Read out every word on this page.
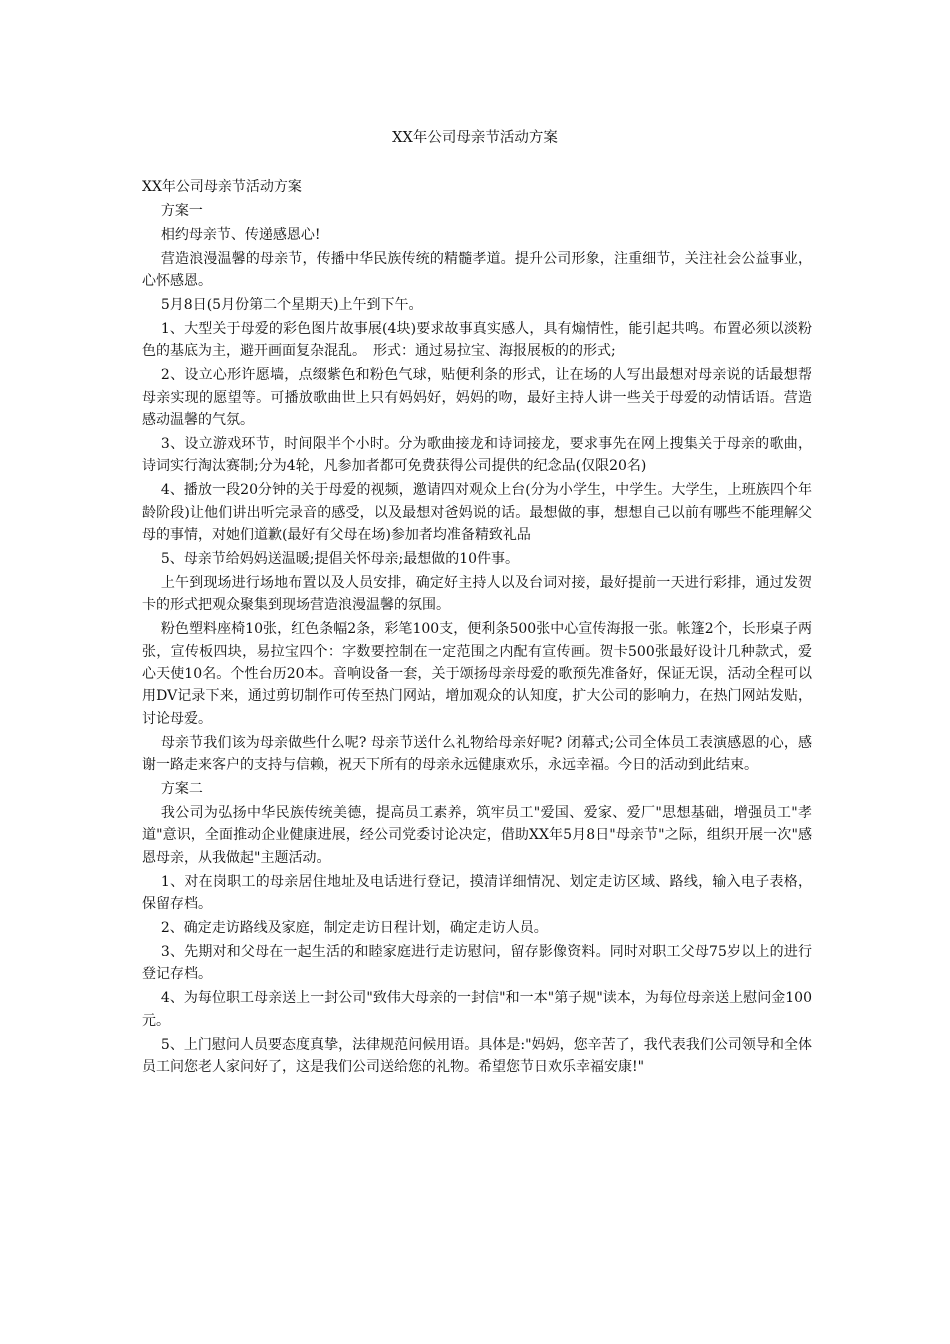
XX年公司母亲节活动方案

XX年公司母亲节活动方案

方案一

相约母亲节、传递感恩心!

营造浪漫温馨的母亲节，传播中华民族传统的精髓孝道。提升公司形象，注重细节，关注社会公益事业，心怀感恩。

5月8日(5月份第二个星期天)上午到下午。

1、大型关于母爱的彩色图片故事展(4块)要求故事真实感人，具有煽情性，能引起共鸣。布置必须以淡粉色的基底为主，避开画面复杂混乱。　形式：通过易拉宝、海报展板的的形式;

2、设立心形许愿墙，点缀紫色和粉色气球，贴便利条的形式，让在场的人写出最想对母亲说的话最想帮母亲实现的愿望等。可播放歌曲世上只有妈妈好，妈妈的吻，最好主持人讲一些关于母爱的动情话语。营造感动温馨的气氛。

3、设立游戏环节，时间限半个小时。分为歌曲接龙和诗词接龙，要求事先在网上搜集关于母亲的歌曲，诗词实行淘汰赛制;分为4轮，凡参加者都可免费获得公司提供的纪念品(仅限20名)

4、播放一段20分钟的关于母爱的视频，邀请四对观众上台(分为小学生，中学生。大学生，上班族四个年龄阶段)让他们讲出听完录音的感受，以及最想对爸妈说的话。最想做的事，想想自己以前有哪些不能理解父母的事情，对她们道歉(最好有父母在场)参加者均准备精致礼品

5、母亲节给妈妈送温暖;提倡关怀母亲;最想做的10件事。

上午到现场进行场地布置以及人员安排，确定好主持人以及台词对接，最好提前一天进行彩排，通过发贺卡的形式把观众聚集到现场营造浪漫温馨的氛围。

粉色塑料座椅10张，红色条幅2条，彩笔100支，便利条500张中心宣传海报一张。帐篷2个，长形桌子两张，宣传板四块，易拉宝四个：字数要控制在一定范围之内配有宣传画。贺卡500张最好设计几种款式，爱心天使10名。个性台历20本。音响设备一套，关于颂扬母亲母爱的歌预先准备好，保证无误，活动全程可以用DV记录下来，通过剪切制作可传至热门网站，增加观众的认知度，扩大公司的影响力，在热门网站发贴，讨论母爱。

母亲节我们该为母亲做些什么呢? 母亲节送什么礼物给母亲好呢? 闭幕式;公司全体员工表演感恩的心，感谢一路走来客户的支持与信赖，祝天下所有的母亲永远健康欢乐，永远幸福。今日的活动到此结束。

方案二

我公司为弘扬中华民族传统美德，提高员工素养，筑牢员工"爱国、爱家、爱厂"思想基础，增强员工"孝道"意识，全面推动企业健康进展，经公司党委讨论决定，借助XX年5月8日"母亲节"之际，组织开展一次"感恩母亲，从我做起"主题活动。

1、对在岗职工的母亲居住地址及电话进行登记，摸清详细情况、划定走访区域、路线，输入电子表格，保留存档。

2、确定走访路线及家庭，制定走访日程计划，确定走访人员。

3、先期对和父母在一起生活的和睦家庭进行走访慰问，留存影像资料。同时对职工父母75岁以上的进行登记存档。

4、为每位职工母亲送上一封公司"致伟大母亲的一封信"和一本"第子规"读本，为每位母亲送上慰问金100元。

5、上门慰问人员要态度真挚，法律规范问候用语。具体是:"妈妈，您辛苦了，我代表我们公司领导和全体员工问您老人家问好了，这是我们公司送给您的礼物。希望您节日欢乐幸福安康!"
